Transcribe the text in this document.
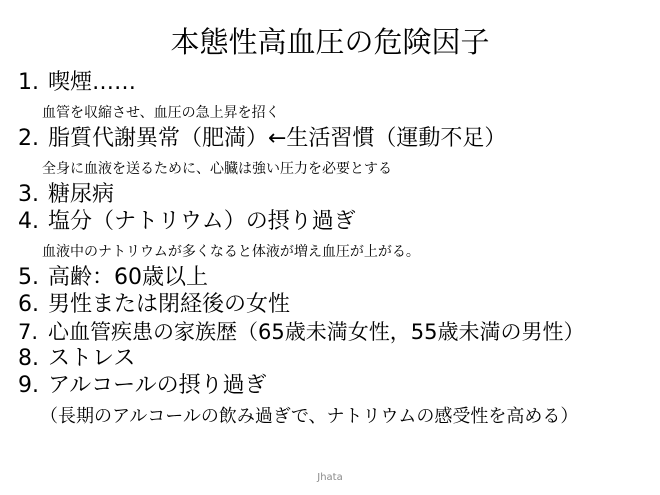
本態性高血圧の危険因子
1. 喫煙……
血管を収縮させ、血圧の急上昇を招く
2. 脂質代謝異常（肥満）←生活習慣（運動不足）
全身に血液を送るために、心臓は強い圧力を必要とする
3. 糖尿病
4. 塩分（ナトリウム）の摂り過ぎ
血液中のナトリウムが多くなると体液が増え血圧が上がる。
5. 高齢：60歳以上
6. 男性または閉経後の女性
7. 心血管疾患の家族歴（65歳未満女性，55歳未満の男性）
8. ストレス
9. アルコールの摂り過ぎ
（長期のアルコールの飲み過ぎで、ナトリウムの感受性を高める）
Jhata
